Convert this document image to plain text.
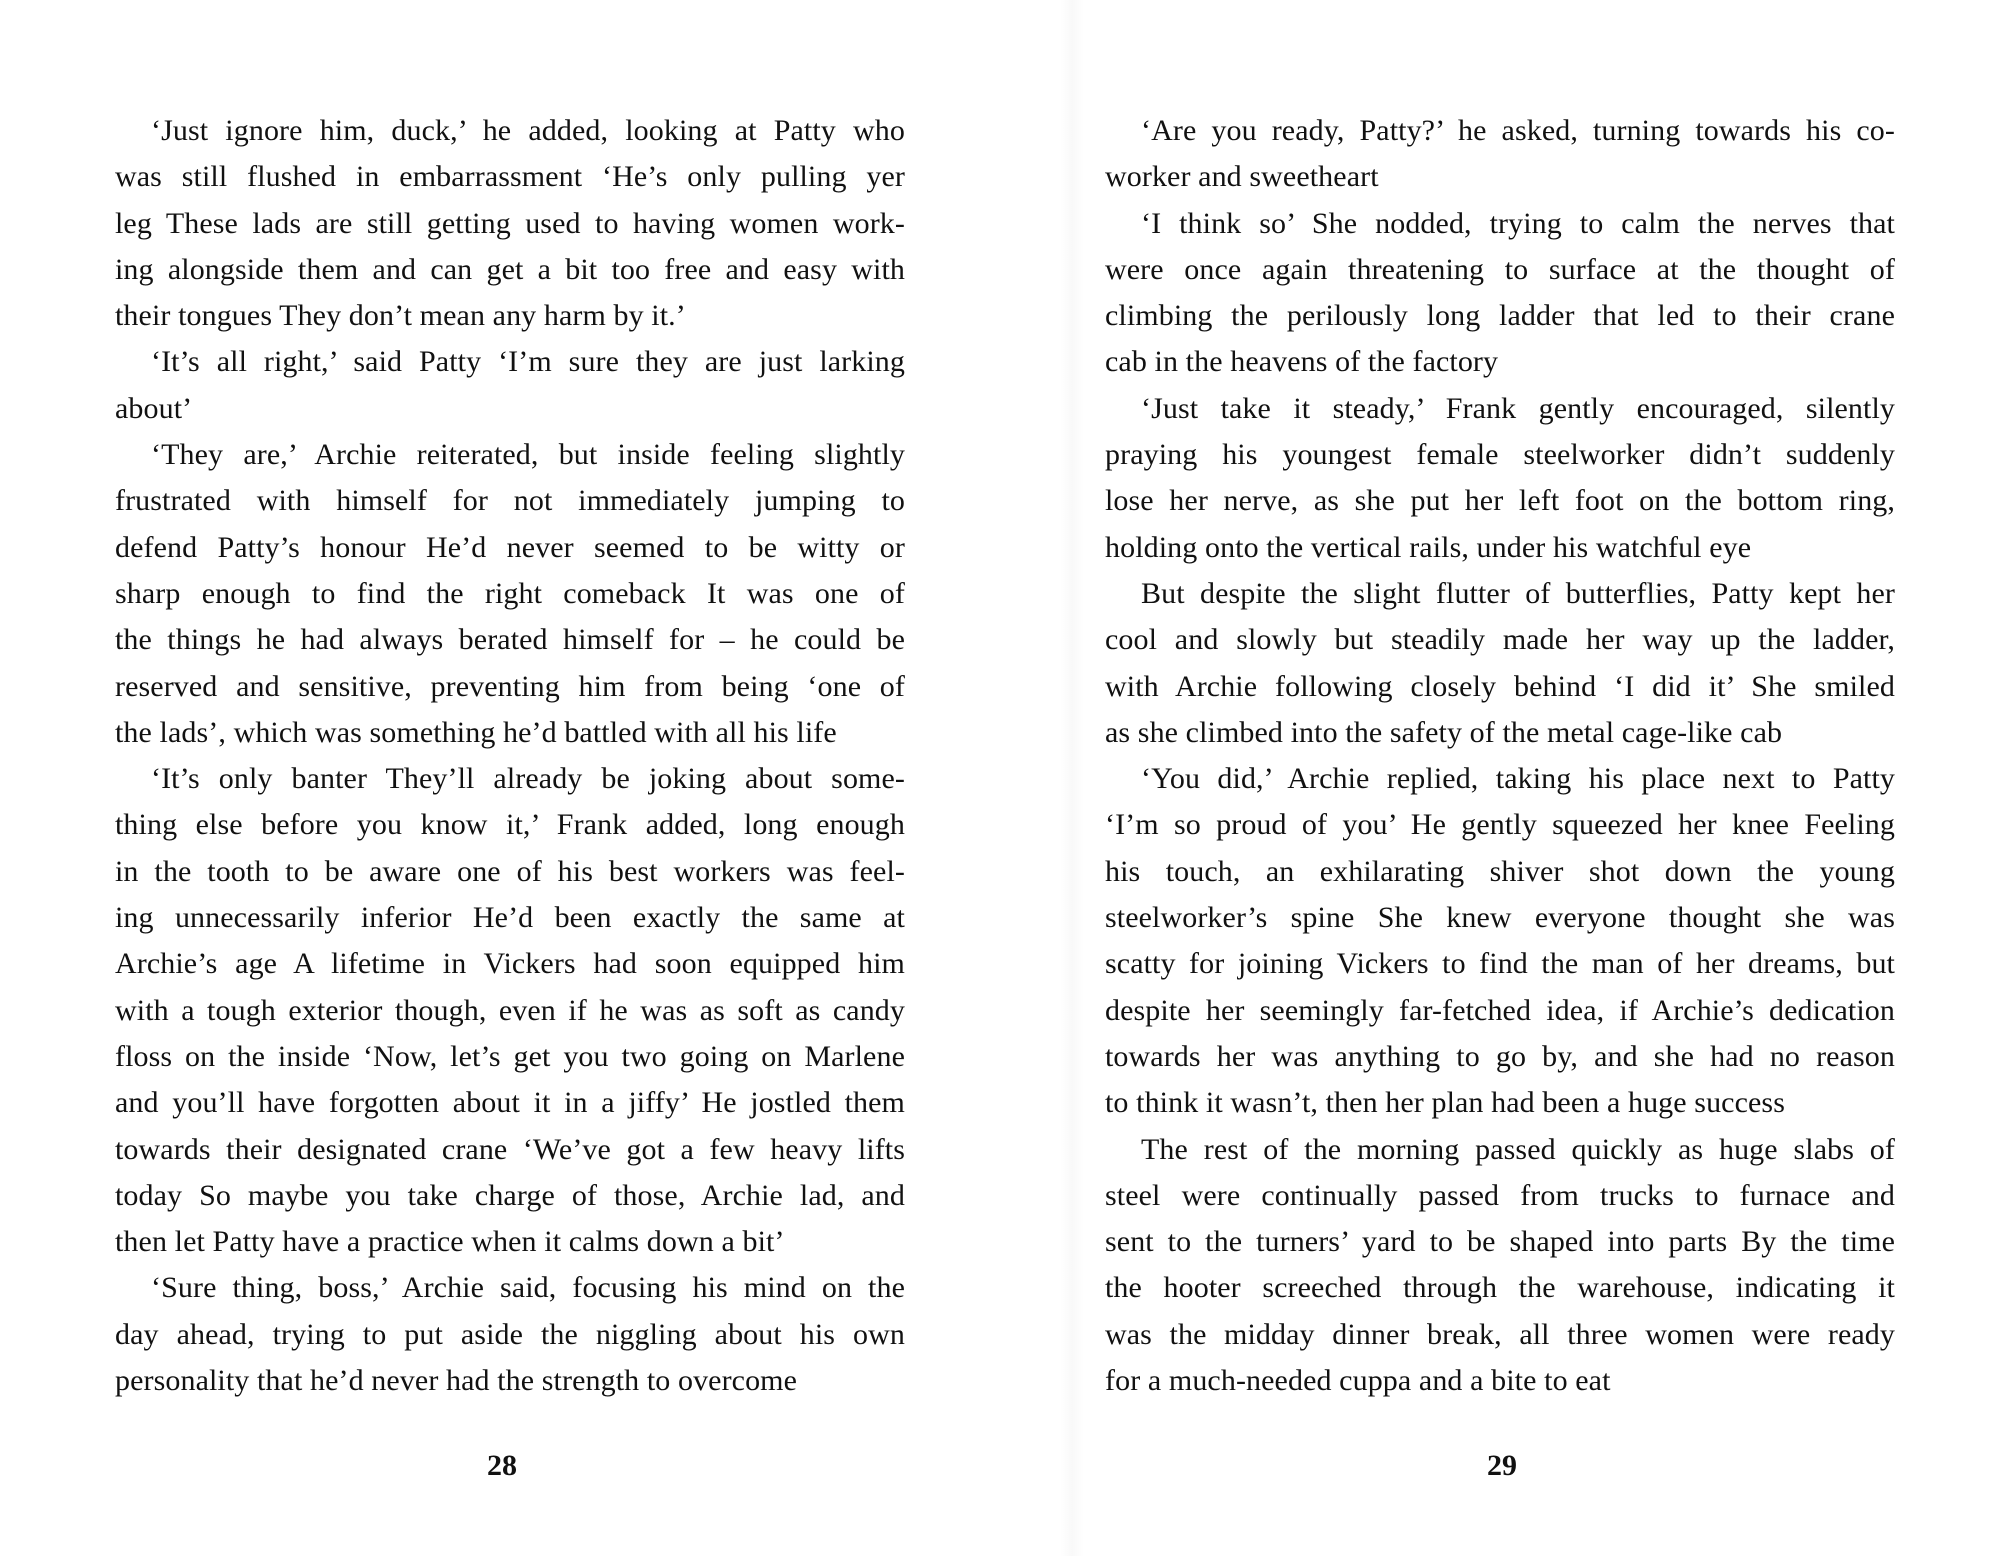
‘Just ignore him, duck,’ he added, looking at Patty who
was still flushed in embarrassment ‘He’s only pulling yer
leg These lads are still getting used to having women work-
ing alongside them and can get a bit too free and easy with
their tongues They don’t mean any harm by it.’
‘It’s all right,’ said Patty ‘I’m sure they are just larking
about’
‘They are,’ Archie reiterated, but inside feeling slightly
frustrated with himself for not immediately jumping to
defend Patty’s honour He’d never seemed to be witty or
sharp enough to find the right comeback It was one of
the things he had always berated himself for – he could be
reserved and sensitive, preventing him from being ‘one of
the lads’, which was something he’d battled with all his life
‘It’s only banter They’ll already be joking about some-
thing else before you know it,’ Frank added, long enough
in the tooth to be aware one of his best workers was feel-
ing unnecessarily inferior He’d been exactly the same at
Archie’s age A lifetime in Vickers had soon equipped him
with a tough exterior though, even if he was as soft as candy
floss on the inside ‘Now, let’s get you two going on Marlene
and you’ll have forgotten about it in a jiffy’ He jostled them
towards their designated crane ‘We’ve got a few heavy lifts
today So maybe you take charge of those, Archie lad, and
then let Patty have a practice when it calms down a bit’
‘Sure thing, boss,’ Archie said, focusing his mind on the
day ahead, trying to put aside the niggling about his own
personality that he’d never had the strength to overcome
28
‘Are you ready, Patty?’ he asked, turning towards his co-
worker and sweetheart
‘I think so’ She nodded, trying to calm the nerves that
were once again threatening to surface at the thought of
climbing the perilously long ladder that led to their crane
cab in the heavens of the factory
‘Just take it steady,’ Frank gently encouraged, silently
praying his youngest female steelworker didn’t suddenly
lose her nerve, as she put her left foot on the bottom ring,
holding onto the vertical rails, under his watchful eye
But despite the slight flutter of butterflies, Patty kept her
cool and slowly but steadily made her way up the ladder,
with Archie following closely behind ‘I did it’ She smiled
as she climbed into the safety of the metal cage-like cab
‘You did,’ Archie replied, taking his place next to Patty
‘I’m so proud of you’ He gently squeezed her knee Feeling
his touch, an exhilarating shiver shot down the young
steelworker’s spine She knew everyone thought she was
scatty for joining Vickers to find the man of her dreams, but
despite her seemingly far-fetched idea, if Archie’s dedication
towards her was anything to go by, and she had no reason
to think it wasn’t, then her plan had been a huge success
The rest of the morning passed quickly as huge slabs of
steel were continually passed from trucks to furnace and
sent to the turners’ yard to be shaped into parts By the time
the hooter screeched through the warehouse, indicating it
was the midday dinner break, all three women were ready
for a much-needed cuppa and a bite to eat
29
